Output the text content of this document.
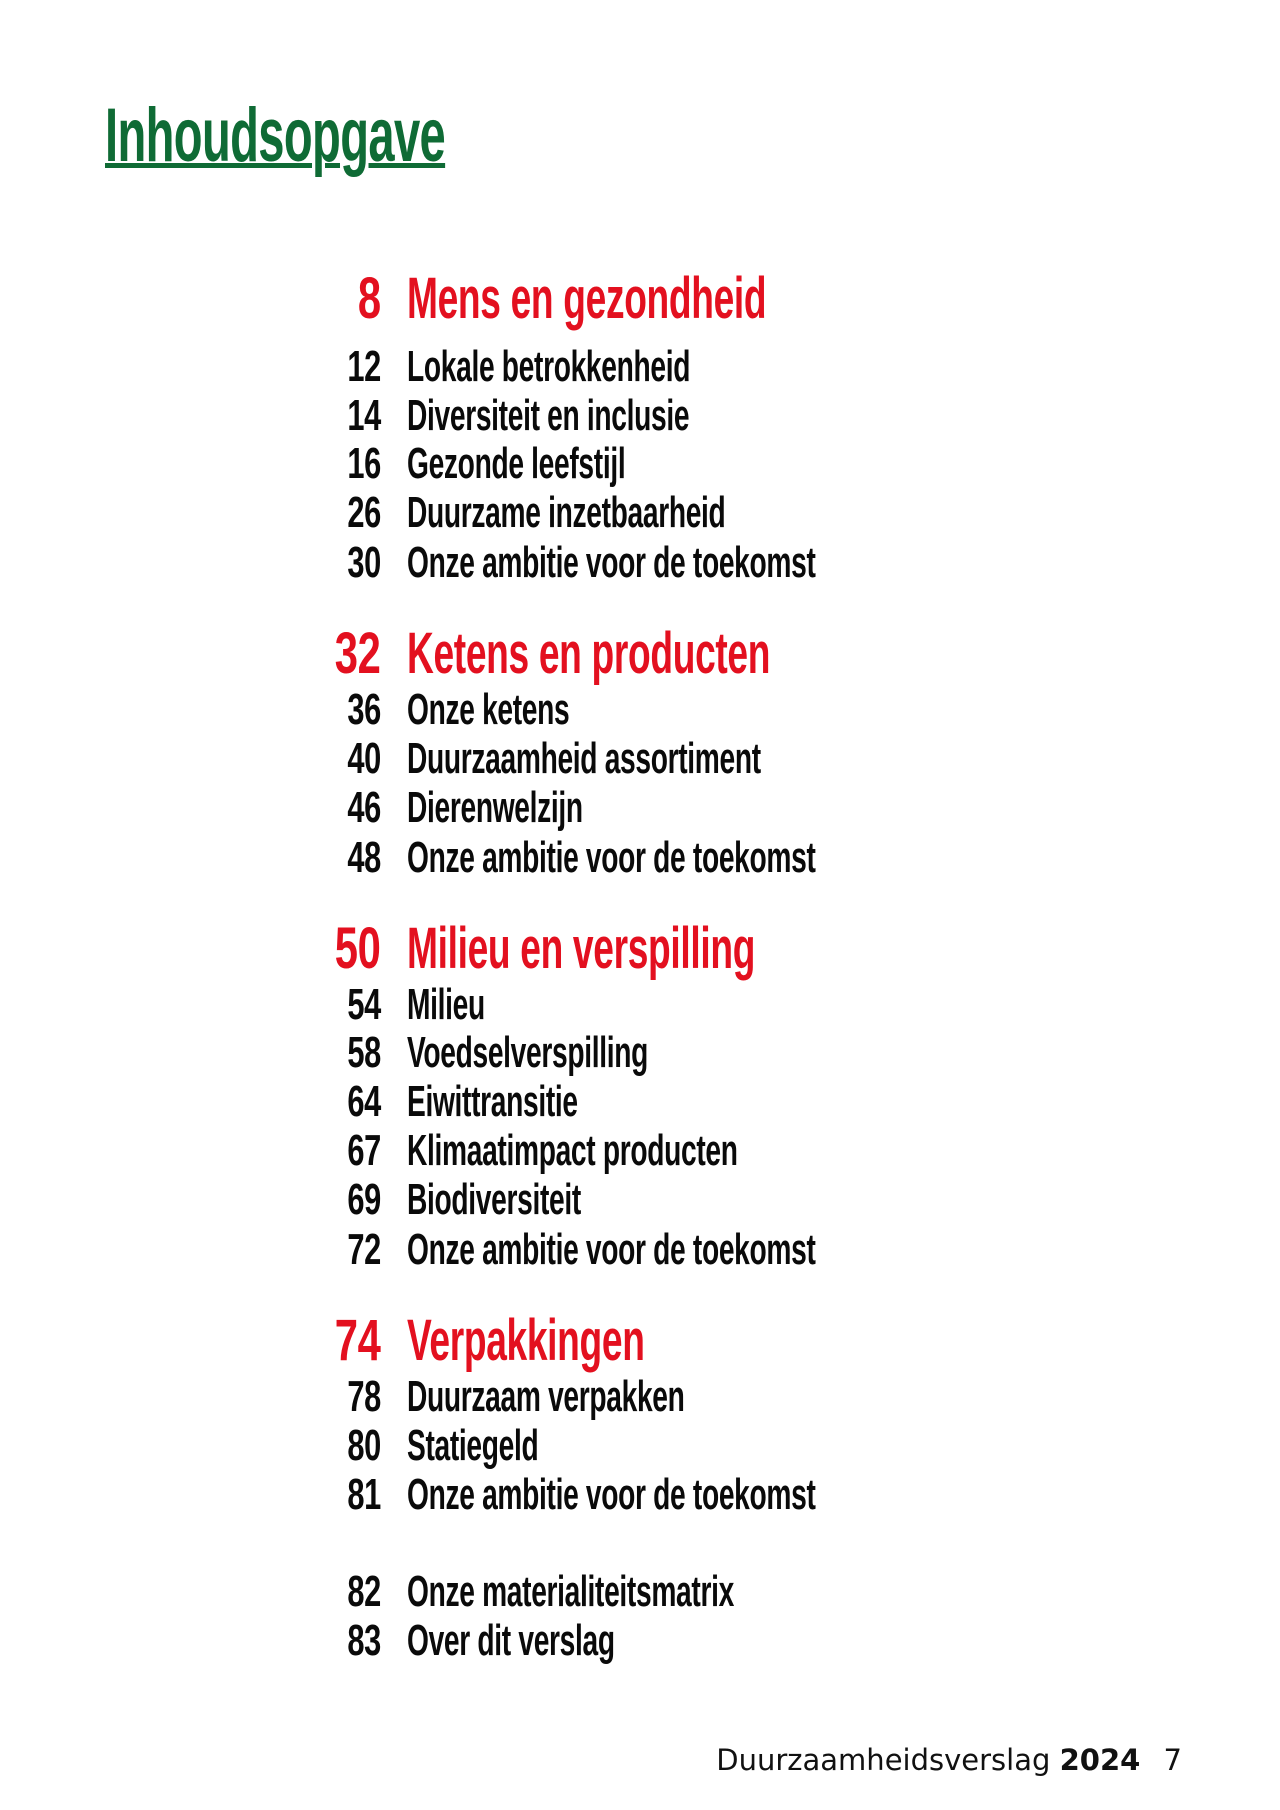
Inhoudsopgave
8 Mens en gezondheid
12 Lokale betrokkenheid
14 Diversiteit en inclusie
16 Gezonde leefstijl
26 Duurzame inzetbaarheid
30 Onze ambitie voor de toekomst
32 Ketens en producten
36 Onze ketens
40 Duurzaamheid assortiment
46 Dierenwelzijn
48 Onze ambitie voor de toekomst
50 Milieu en verspilling
54 Milieu
58 Voedselverspilling
64 Eiwittransitie
67 Klimaatimpact producten
69 Biodiversiteit
72 Onze ambitie voor de toekomst
74 Verpakkingen
78 Duurzaam verpakken
80 Statiegeld
81 Onze ambitie voor de toekomst
82 Onze materialiteitsmatrix
83 Over dit verslag
Duurzaamheidsverslag 2024 7
